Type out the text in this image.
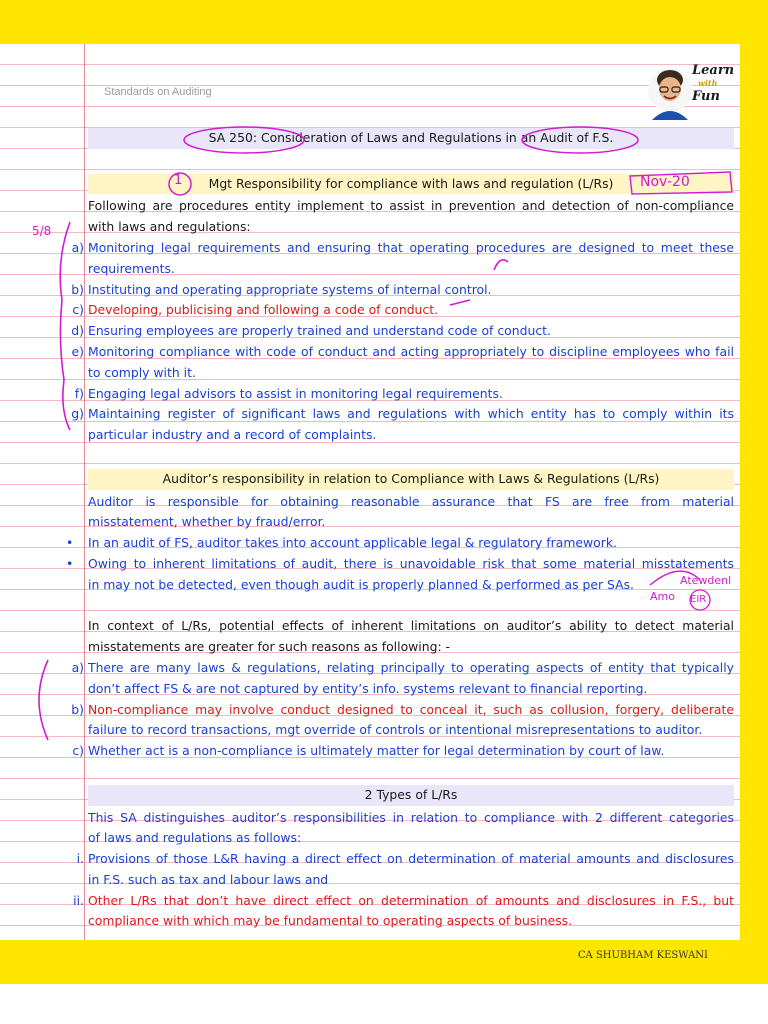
CA SHUBHAM KESWANI
Standards on Auditing
Learn
with
Fun
SA 250: Consideration of Laws and Regulations in an Audit of F.S.
Mgt Responsibility for compliance with laws and regulation (L/Rs)
Following are procedures entity implement to assist in prevention and detection of non-compliance
with laws and regulations:
a) Monitoring legal requirements and ensuring that operating procedures are designed to meet these
requirements.
b) Instituting and operating appropriate systems of internal control.
c) Developing, publicising and following a code of conduct.
d) Ensuring employees are properly trained and understand code of conduct.
e) Monitoring compliance with code of conduct and acting appropriately to discipline employees who fail
to comply with it.
f) Engaging legal advisors to assist in monitoring legal requirements.
g) Maintaining register of significant laws and regulations with which entity has to comply within its
particular industry and a record of complaints.
Auditor’s responsibility in relation to Compliance with Laws & Regulations (L/Rs)
Auditor is responsible for obtaining reasonable assurance that FS are free from material
misstatement, whether by fraud/error.
• In an audit of FS, auditor takes into account applicable legal & regulatory framework.
• Owing to inherent limitations of audit, there is unavoidable risk that some material misstatements
in may not be detected, even though audit is properly planned & performed as per SAs.
In context of L/Rs, potential effects of inherent limitations on auditor’s ability to detect material
misstatements are greater for such reasons as following: -
a) There are many laws & regulations, relating principally to operating aspects of entity that typically
don’t affect FS & are not captured by entity’s info. systems relevant to financial reporting.
b) Non-compliance may involve conduct designed to conceal it, such as collusion, forgery, deliberate
failure to record transactions, mgt override of controls or intentional misrepresentations to auditor.
c) Whether act is a non-compliance is ultimately matter for legal determination by court of law.
2 Types of L/Rs
This SA distinguishes auditor’s responsibilities in relation to compliance with 2 different categories
of laws and regulations as follows:
i. Provisions of those L&R having a direct effect on determination of material amounts and disclosures
in F.S. such as tax and labour laws and
ii. Other L/Rs that don’t have direct effect on determination of amounts and disclosures in F.S., but
compliance with which may be fundamental to operating aspects of business.
1	Nov-20
5/8
Amo
Atewdenl
EIR
